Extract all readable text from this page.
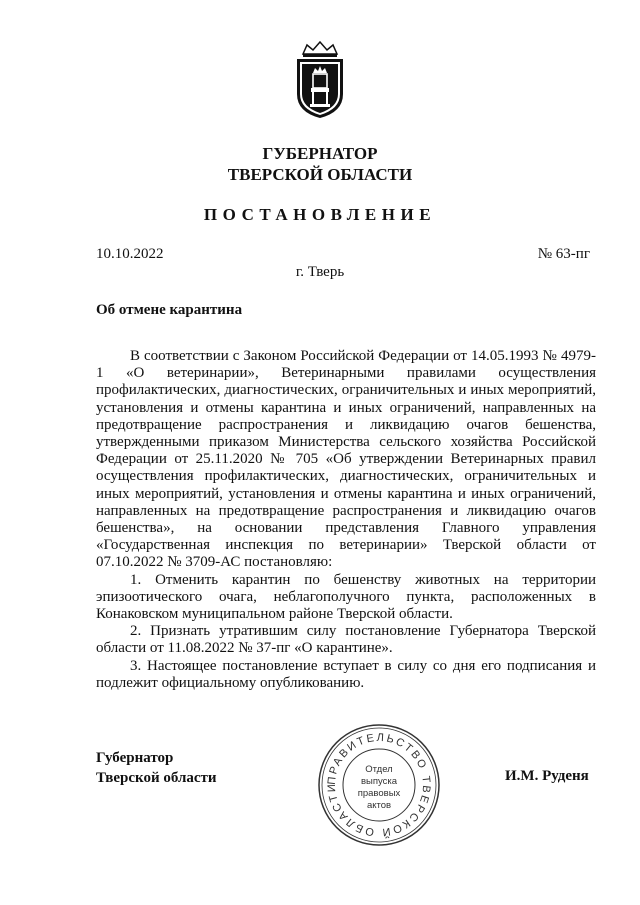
ГУБЕРНАТОР
ТВЕРСКОЙ ОБЛАСТИ
ПОСТАНОВЛЕНИЕ
10.10.2022	№ 63-пг
г. Тверь
Об отмене карантина

В соответствии с Законом Российской Федерации от 14.05.1993 № 4979-1 «О ветеринарии», Ветеринарными правилами осуществления профилактических, диагностических, ограничительных и иных мероприятий, установления и отмены карантина и иных ограничений, направленных на предотвращение распространения и ликвидацию очагов бешенства, утвержденными приказом Министерства сельского хозяйства Российской Федерации от 25.11.2020 № 705 «Об утверждении Ветеринарных правил осуществления профилактических, диагностических, ограничительных и иных мероприятий, установления и отмены карантина и иных ограничений, направленных на предотвращение распространения и ликвидацию очагов бешенства», на основании представления Главного управления «Государственная инспекция по ветеринарии» Тверской области от 07.10.2022 № 3709-АС постановляю:

1. Отменить карантин по бешенству животных на территории эпизоотического очага, неблагополучного пункта, расположенных в Конаковском муниципальном районе Тверской области.

2. Признать утратившим силу постановление Губернатора Тверской области от 11.08.2022 № 37-пг «О карантине».

3. Настоящее постановление вступает в силу со дня его подписания и подлежит официальному опубликованию.

Губернатор
Тверской области	ПРАВИТЕЛЬСТВО ТВЕРСКОЙ ОБЛАСТИ
Отдел
выпуска
правовых
актов
И.М. Руденя
